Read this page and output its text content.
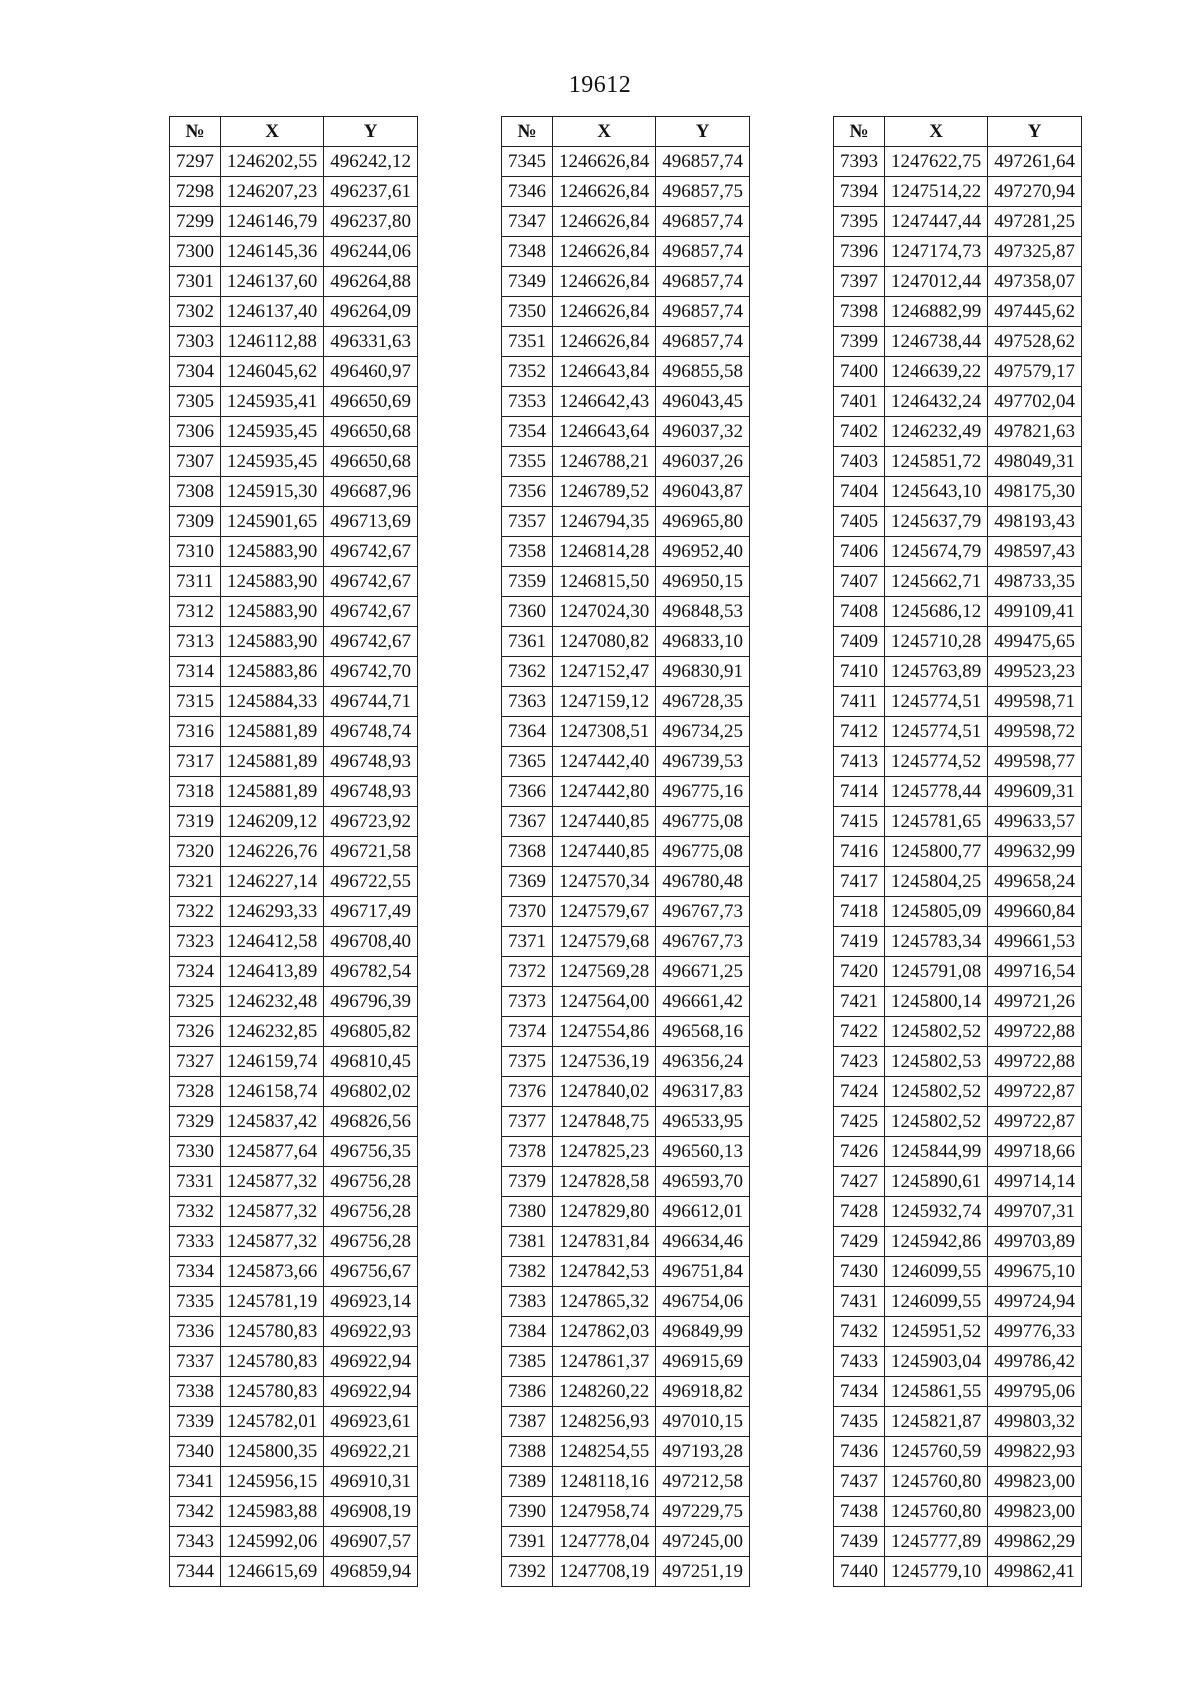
19612
№	X	Y
7297	1246202,55	496242,12
7298	1246207,23	496237,61
7299	1246146,79	496237,80
7300	1246145,36	496244,06
7301	1246137,60	496264,88
7302	1246137,40	496264,09
7303	1246112,88	496331,63
7304	1246045,62	496460,97
7305	1245935,41	496650,69
7306	1245935,45	496650,68
7307	1245935,45	496650,68
7308	1245915,30	496687,96
7309	1245901,65	496713,69
7310	1245883,90	496742,67
7311	1245883,90	496742,67
7312	1245883,90	496742,67
7313	1245883,90	496742,67
7314	1245883,86	496742,70
7315	1245884,33	496744,71
7316	1245881,89	496748,74
7317	1245881,89	496748,93
7318	1245881,89	496748,93
7319	1246209,12	496723,92
7320	1246226,76	496721,58
7321	1246227,14	496722,55
7322	1246293,33	496717,49
7323	1246412,58	496708,40
7324	1246413,89	496782,54
7325	1246232,48	496796,39
7326	1246232,85	496805,82
7327	1246159,74	496810,45
7328	1246158,74	496802,02
7329	1245837,42	496826,56
7330	1245877,64	496756,35
7331	1245877,32	496756,28
7332	1245877,32	496756,28
7333	1245877,32	496756,28
7334	1245873,66	496756,67
7335	1245781,19	496923,14
7336	1245780,83	496922,93
7337	1245780,83	496922,94
7338	1245780,83	496922,94
7339	1245782,01	496923,61
7340	1245800,35	496922,21
7341	1245956,15	496910,31
7342	1245983,88	496908,19
7343	1245992,06	496907,57
7344	1246615,69	496859,94
№	X	Y
7345	1246626,84	496857,74
7346	1246626,84	496857,75
7347	1246626,84	496857,74
7348	1246626,84	496857,74
7349	1246626,84	496857,74
7350	1246626,84	496857,74
7351	1246626,84	496857,74
7352	1246643,84	496855,58
7353	1246642,43	496043,45
7354	1246643,64	496037,32
7355	1246788,21	496037,26
7356	1246789,52	496043,87
7357	1246794,35	496965,80
7358	1246814,28	496952,40
7359	1246815,50	496950,15
7360	1247024,30	496848,53
7361	1247080,82	496833,10
7362	1247152,47	496830,91
7363	1247159,12	496728,35
7364	1247308,51	496734,25
7365	1247442,40	496739,53
7366	1247442,80	496775,16
7367	1247440,85	496775,08
7368	1247440,85	496775,08
7369	1247570,34	496780,48
7370	1247579,67	496767,73
7371	1247579,68	496767,73
7372	1247569,28	496671,25
7373	1247564,00	496661,42
7374	1247554,86	496568,16
7375	1247536,19	496356,24
7376	1247840,02	496317,83
7377	1247848,75	496533,95
7378	1247825,23	496560,13
7379	1247828,58	496593,70
7380	1247829,80	496612,01
7381	1247831,84	496634,46
7382	1247842,53	496751,84
7383	1247865,32	496754,06
7384	1247862,03	496849,99
7385	1247861,37	496915,69
7386	1248260,22	496918,82
7387	1248256,93	497010,15
7388	1248254,55	497193,28
7389	1248118,16	497212,58
7390	1247958,74	497229,75
7391	1247778,04	497245,00
7392	1247708,19	497251,19
№	X	Y
7393	1247622,75	497261,64
7394	1247514,22	497270,94
7395	1247447,44	497281,25
7396	1247174,73	497325,87
7397	1247012,44	497358,07
7398	1246882,99	497445,62
7399	1246738,44	497528,62
7400	1246639,22	497579,17
7401	1246432,24	497702,04
7402	1246232,49	497821,63
7403	1245851,72	498049,31
7404	1245643,10	498175,30
7405	1245637,79	498193,43
7406	1245674,79	498597,43
7407	1245662,71	498733,35
7408	1245686,12	499109,41
7409	1245710,28	499475,65
7410	1245763,89	499523,23
7411	1245774,51	499598,71
7412	1245774,51	499598,72
7413	1245774,52	499598,77
7414	1245778,44	499609,31
7415	1245781,65	499633,57
7416	1245800,77	499632,99
7417	1245804,25	499658,24
7418	1245805,09	499660,84
7419	1245783,34	499661,53
7420	1245791,08	499716,54
7421	1245800,14	499721,26
7422	1245802,52	499722,88
7423	1245802,53	499722,88
7424	1245802,52	499722,87
7425	1245802,52	499722,87
7426	1245844,99	499718,66
7427	1245890,61	499714,14
7428	1245932,74	499707,31
7429	1245942,86	499703,89
7430	1246099,55	499675,10
7431	1246099,55	499724,94
7432	1245951,52	499776,33
7433	1245903,04	499786,42
7434	1245861,55	499795,06
7435	1245821,87	499803,32
7436	1245760,59	499822,93
7437	1245760,80	499823,00
7438	1245760,80	499823,00
7439	1245777,89	499862,29
7440	1245779,10	499862,41
